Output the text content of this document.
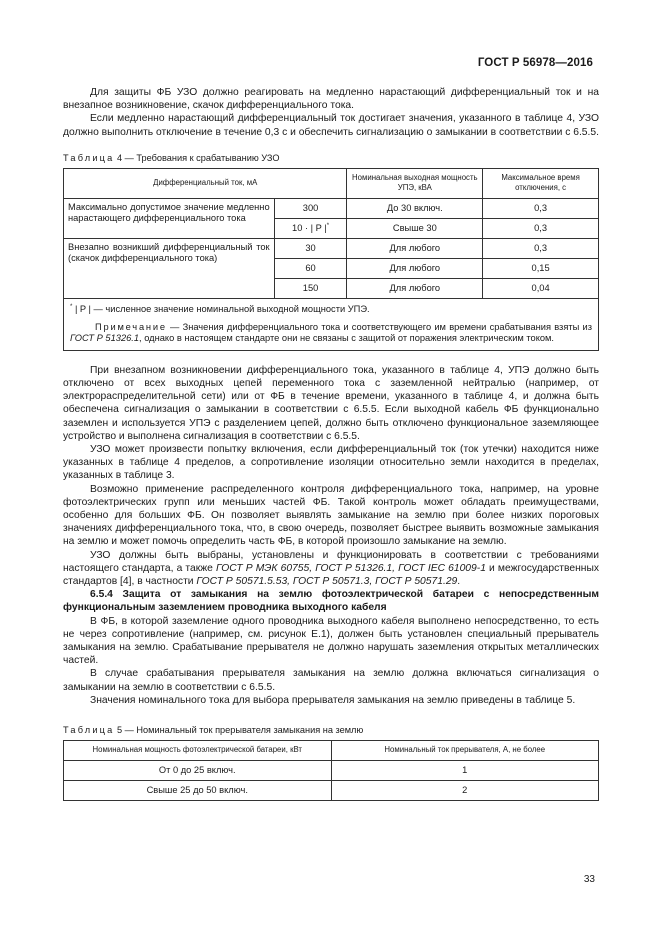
ГОСТ Р 56978—2016

Для защиты ФБ УЗО должно реагировать на медленно нарастающий дифференциальный ток и на внезапное возникновение, скачок дифференциального тока.

Если медленно нарастающий дифференциальный ток достигает значения, указанного в таблице 4, УЗО должно выполнить отключение в течение 0,3 с и обеспечить сигнализацию о замыкании в соответствии с 6.5.5.

Таблица 4 — Требования к срабатыванию УЗО
Дифференциальный ток, мА		Номинальная выходная мощность УПЭ, кВА	Максимальное время отключения, с
Максимально допустимое значение медленно нарастающего дифференциального тока	300	До 30 включ.	0,3
	10 · | P |*	Свыше 30	0,3
Внезапно возникший дифференциальный ток (скачок дифференциального тока)	30	Для любого	0,3
	60	Для любого	0,15
	150	Для любого	0,04

* | P | — численное значение номинальной выходной мощности УПЭ.

Примечание — Значения дифференциального тока и соответствующего им времени срабатывания взяты из ГОСТ Р 51326.1, однако в настоящем стандарте они не связаны с защитой от поражения электрическим током.			

При внезапном возникновении дифференциального тока, указанного в таблице 4, УПЭ должно быть отключено от всех выходных цепей переменного тока с заземленной нейтралью (например, от электрораспределительной сети) или от ФБ в течение времени, указанного в таблице 4, и должна быть обеспечена сигнализация о замыкании в соответствии с 6.5.5. Если выходной кабель ФБ функционально заземлен и используется УПЭ с разделением цепей, должно быть отключено функциональное заземляющее устройство и выполнена сигнализация в соответствии с 6.5.5.

УЗО может произвести попытку включения, если дифференциальный ток (ток утечки) находится ниже указанных в таблице 4 пределов, а сопротивление изоляции относительно земли находится в пределах, указанных в таблице 3.

Возможно применение распределенного контроля дифференциального тока, например, на уровне фотоэлектрических групп или меньших частей ФБ. Такой контроль может обладать преимуществами, особенно для больших ФБ. Он позволяет выявлять замыкание на землю при более низких пороговых значениях дифференциального тока, что, в свою очередь, позволяет быстрее выявить возможные замыкания на землю и может помочь определить часть ФБ, в которой произошло замыкание на землю.

УЗО должны быть выбраны, установлены и функционировать в соответствии с требованиями настоящего стандарта, а также ГОСТ Р МЭК 60755, ГОСТ Р 51326.1, ГОСТ IEC 61009-1 и межгосударственных стандартов [4], в частности ГОСТ Р 50571.5.53, ГОСТ Р 50571.3, ГОСТ Р 50571.29.

6.5.4 Защита от замыкания на землю фотоэлектрической батареи с непосредственным функциональным заземлением проводника выходного кабеля

В ФБ, в которой заземление одного проводника выходного кабеля выполнено непосредственно, то есть не через сопротивление (например, см. рисунок Е.1), должен быть установлен специальный прерыватель замыкания на землю. Срабатывание прерывателя не должно нарушать заземления открытых металлических частей.

В случае срабатывания прерывателя замыкания на землю должна включаться сигнализация о замыкании на землю в соответствии с 6.5.5.

Значения номинального тока для выбора прерывателя замыкания на землю приведены в таблице 5.

Таблица 5 — Номинальный ток прерывателя замыкания на землю
Номинальная мощность фотоэлектрической батареи, кВт	Номинальный ток прерывателя, А, не более
От 0 до 25 включ.	1
Свыше 25 до 50 включ.	2
33
